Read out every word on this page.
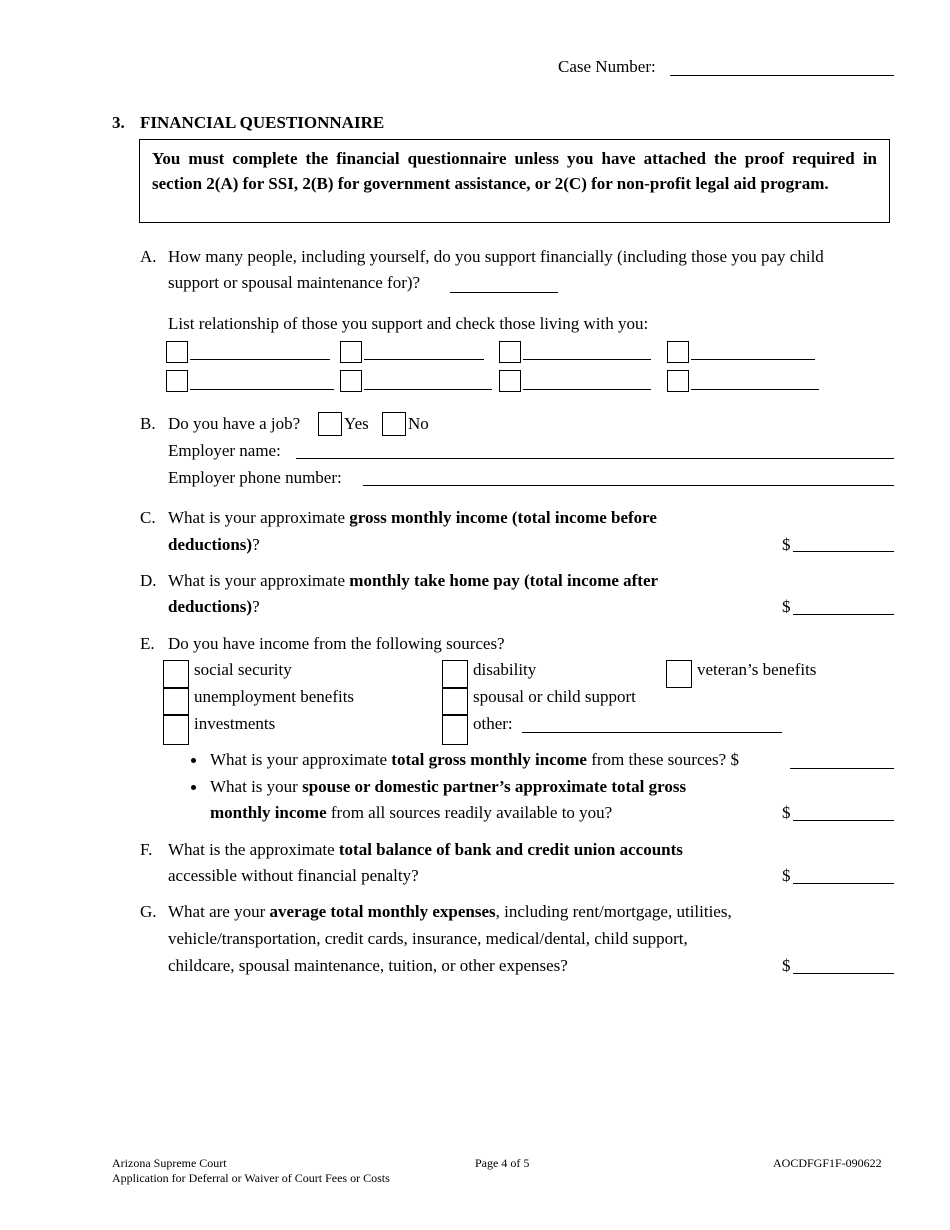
Case Number:
3. FINANCIAL QUESTIONNAIRE
You must complete the financial questionnaire unless you have attached the proof required in section 2(A) for SSI, 2(B) for government assistance, or 2(C) for non-profit legal aid program.
A. How many people, including yourself, do you support financially (including those you pay child
support or spousal maintenance for)?
List relationship of those you support and check those living with you:
B. Do you have a job?	Yes No
Employer name:
Employer phone number:
C. What is your approximate gross monthly income (total income before
deductions)?	$
D. What is your approximate monthly take home pay (total income after
deductions)?	$
E. Do you have income from the following sources?
social security	disability	veteran’s benefits
unemployment benefits	spousal or child support
investments	other:
What is your approximate total gross monthly income from these sources? $
What is your spouse or domestic partner’s approximate total gross
monthly income from all sources readily available to you?	$
F. What is the approximate total balance of bank and credit union accounts
accessible without financial penalty?	$
G. What are your average total monthly expenses, including rent/mortgage, utilities,
vehicle/transportation, credit cards, insurance, medical/dental, child support,
childcare, spousal maintenance, tuition, or other expenses?	$
Arizona Supreme Court
Application for Deferral or Waiver of Court Fees or Costs
Page 4 of 5	AOCDFGF1F-090622
